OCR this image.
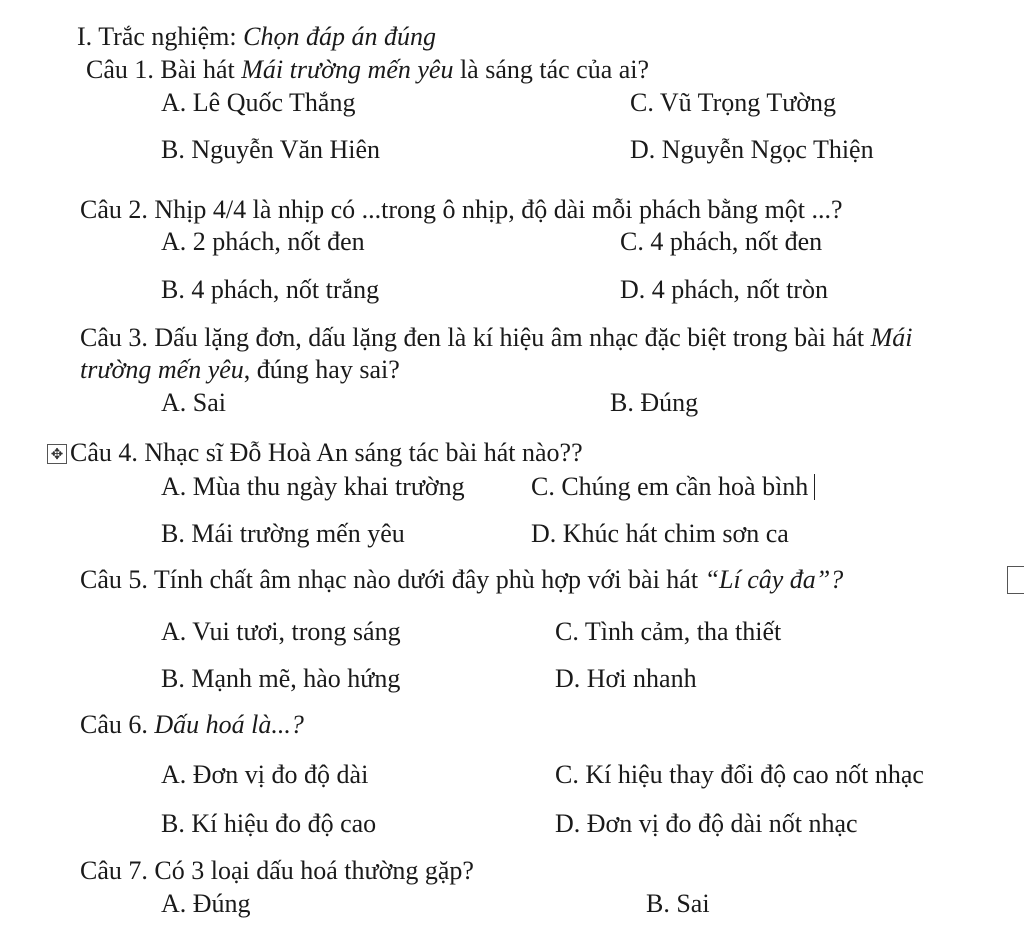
I. Trắc nghiệm: Chọn đáp án đúng
Câu 1. Bài hát Mái trường mến yêu là sáng tác của ai?
A. Lê Quốc Thắng	C. Vũ Trọng Tường
B. Nguyễn Văn Hiên	D. Nguyễn Ngọc Thiện
Câu 2. Nhịp 4/4 là nhịp có ...trong ô nhịp, độ dài mỗi phách bằng một ...?
A. 2 phách, nốt đen	C. 4 phách, nốt đen
B. 4 phách, nốt trắng	D. 4 phách, nốt tròn
Câu 3. Dấu lặng đơn, dấu lặng đen là kí hiệu âm nhạc đặc biệt trong bài hát Mái
trường mến yêu, đúng hay sai?
A. Sai	B. Đúng
✥ Câu 4. Nhạc sĩ Đỗ Hoà An sáng tác bài hát nào??
A. Mùa thu ngày khai trường	C. Chúng em cần hoà bình
B. Mái trường mến yêu	D. Khúc hát chim sơn ca
Câu 5. Tính chất âm nhạc nào dưới đây phù hợp với bài hát “Lí cây đa”?
A. Vui tươi, trong sáng	C. Tình cảm, tha thiết
B. Mạnh mẽ, hào hứng	D. Hơi nhanh
Câu 6. Dấu hoá là...?
A. Đơn vị đo độ dài	C. Kí hiệu thay đổi độ cao nốt nhạc
B. Kí hiệu đo độ cao	D. Đơn vị đo độ dài nốt nhạc
Câu 7. Có 3 loại dấu hoá thường gặp?
A. Đúng	B. Sai
